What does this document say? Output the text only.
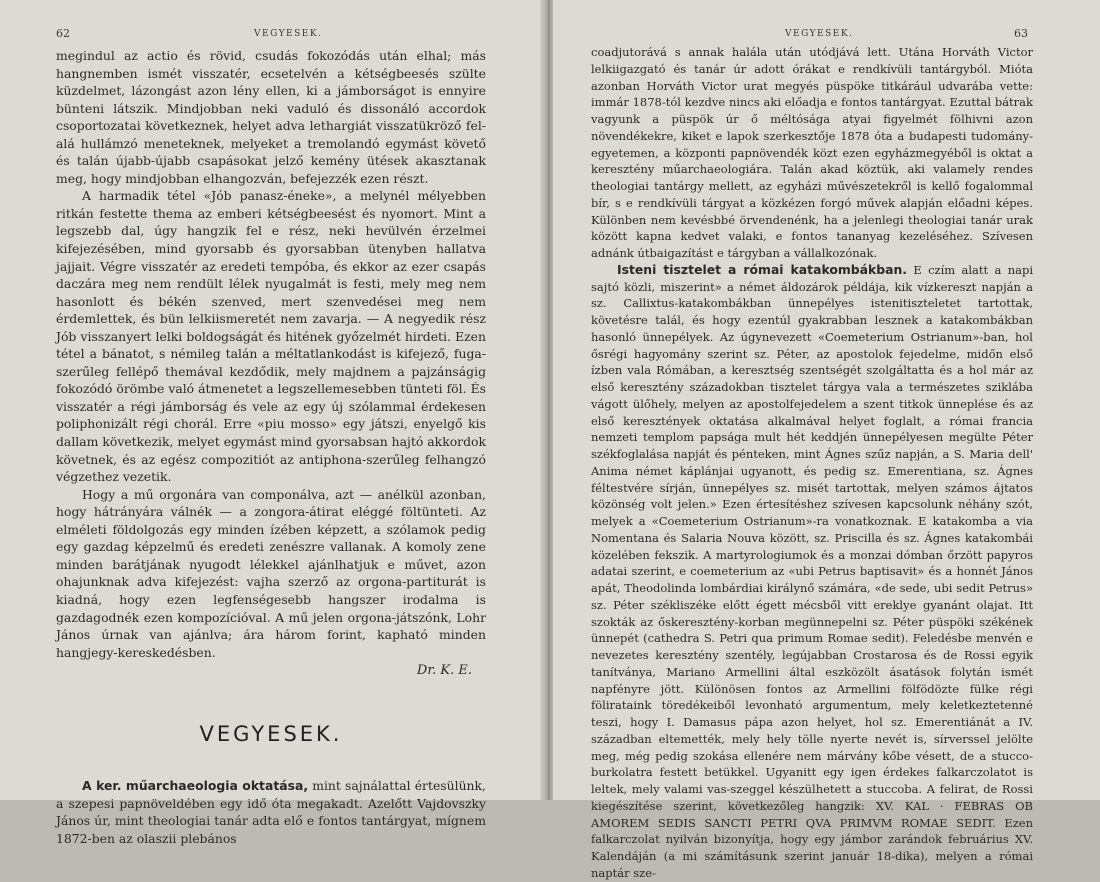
62	VEGYESEK.

megindul az actio és rövid, csudás fokozódás után elhal; más hangnemben ismét visszatér, ecsetelvén a kétségbeesés szülte küzdelmet, lázongást azon lény ellen, ki a jámborságot is ennyire bünteni látszik. Mindjobban neki vaduló és dissonáló accordok csoportozatai következnek, helyet adva lethargiát visszatükröző fel-alá hullámzó meneteknek, melyeket a tremolandó egymást követő és talán újabb-újabb csapásokat jelző kemény ütések akasztanak meg, hogy mindjobban elhangozván, befejezzék ezen részt.

A harmadik tétel «Jób panasz-éneke», a melynél mélyebben ritkán festette thema az emberi kétségbeesést és nyomort. Mint a legszebb dal, úgy hangzik fel e rész, neki hevülvén érzelmei kifejezésében, mind gyorsabb és gyorsabban ütenyben hallatva jajjait. Végre visszatér az eredeti tempóba, és ekkor az ezer csapás daczára meg nem rendült lélek nyugalmát is festi, mely meg nem hasonlott és békén szenved, mert szenvedései meg nem érdemlettek, és bün lelkiismeretét nem zavarja. — A negyedik rész Jób visszanyert lelki boldogságát és hitének győzelmét hirdeti. Ezen tétel a bánatot, s némileg talán a méltatlankodást is kifejező, fuga-szerűleg fellépő themával kezdődik, mely majdnem a pajzánságig fokozódó örömbe való átmenetet a legszellemesebben tünteti föl. És visszatér a régi jámborság és vele az egy új szólammal érdekesen poliphonizált régi chorál. Erre «piu mosso» egy játszi, enyelgő kis dallam következik, melyet egymást mind gyorsabsan hajtó akkordok követnek, és az egész compozitiót az antiphona-szerűleg felhangzó végzethez vezetik.

Hogy a mű orgonára van componálva, azt — anélkül azonban, hogy hátrányára válnék — a zongora-átirat eléggé föltünteti. Az elméleti földolgozás egy minden ízében képzett, a szólamok pedig egy gazdag képzelmű és eredeti zenészre vallanak. A komoly zene minden barátjának nyugodt lélekkel ajánlhatjuk e művet, azon ohajunknak adva kifejezést: vajha szerző az orgona-partiturát is kiadná, hogy ezen legfenségesebb hangszer irodalma is gazdagodnék ezen kompozícióval. A mű jelen orgona-játszónk, Lohr János úrnak van ajánlva; ára három forint, kapható minden hangjegy-kereskedésben.

Dr. K. E.
VEGYESEK.

A ker. műarchaeologia oktatása, mint sajnálattal értesülünk, a szepesi papnöveldében egy idő óta megakadt. Azelőtt Vajdovszky János úr, mint theologiai tanár adta elő e fontos tantárgyat, mígnem 1872-ben az olaszii plebános

VEGYESEK.	63

coadjutorává s annak halála után utódjává lett. Utána Horváth Victor lelkiigazgató és tanár úr adott órákat e rendkívüli tantárgyból. Mióta azonban Horváth Victor urat megyés püspöke titkárául udvarába vette: immár 1878-tól kezdve nincs aki előadja e fontos tantárgyat. Ezuttal bátrak vagyunk a püspök úr ő méltósága atyai figyelmét fölhivni azon növendékekre, kiket e lapok szerkesztője 1878 óta a budapesti tudomány-egyetemen, a központi papnövendék közt ezen egyházmegyéből is oktat a keresztény műarchaeologiára. Talán akad köztük, aki valamely rendes theologiai tantárgy mellett, az egyházi művészetekről is kellő fogalommal bír, s e rendkívüli tárgyat a közkézen forgó művek alapján előadni képes. Különben nem kevésbbé örvendenénk, ha a jelenlegi theologiai tanár urak között kapna kedvet valaki, e fontos tananyag kezeléséhez. Szívesen adnánk útbaigazítást e tárgyban a vállalkozónak.

Isteni tisztelet a római katakombákban. E czím alatt a napi sajtó közli, miszerint» a német áldozárok példája, kik vízkereszt napján a sz. Callixtus-katakombákban ünnepélyes istenitiszteletet tartottak, követésre talál, és hogy ezentúl gyakrabban lesznek a katakombákban hasonló ünnepélyek. Az úgynevezett «Coemeterium Ostrianum»-ban, hol ősrégi hagyomány szerint sz. Péter, az apostolok fejedelme, midőn első ízben vala Rómában, a keresztség szentségét szolgáltatta és a hol már az első keresztény századokban tisztelet tárgya vala a természetes sziklába vágott ülőhely, melyen az apostolfejedelem a szent titkok ünneplése és az első keresztények oktatása alkalmával helyet foglalt, a római francia nemzeti templom papsága mult hét keddjén ünnepélyesen megülte Péter székfoglalása napját és pénteken, mint Ágnes szűz napján, a S. Maria dell' Anima német káplánjai ugyanott, és pedig sz. Emerentiana, sz. Ágnes féltestvére sírján, ünnepélyes sz. misét tartottak, melyen számos ájtatos közönség volt jelen.» Ezen értesítéshez szívesen kapcsolunk néhány szót, melyek a «Coemeterium Ostrianum»-ra vonatkoznak. E katakomba a via Nomentana és Salaria Nouva között, sz. Priscilla és sz. Ágnes katakombái közelében fekszik. A martyrologiumok és a monzai dómban őrzött papyros adatai szerint, e coemeterium az «ubi Petrus baptisavit» és a honnét János apát, Theodolinda lombárdiai királynő számára, «de sede, ubi sedit Petrus» sz. Péter székliszéke előtt égett mécsből vitt ereklye gyanánt olajat. Itt szokták az őskeresztény-korban megünnepelni sz. Péter püspöki székének ünnepét (cathedra S. Petri qua primum Romae sedit). Feledésbe menvén e nevezetes keresztény szentély, legújabban Crostarosa és de Rossi egyik tanítványa, Mariano Armellini által eszközölt ásatások folytán ismét napfényre jött. Különösen fontos az Armellini fölfödözte fülke régi fölirataink töredékeiből levonható argumentum, mely keletkeztetenné teszi, hogy I. Damasus pápa azon helyet, hol sz. Emerentiánát a IV. században eltemették, mely hely tölle nyerte nevét is, sírverssel jelölte meg, még pedig szokása ellenére nem márvány kőbe vésett, de a stucco-burkolatra festett betükkel. Ugyanitt egy igen érdekes falkarczolatot is leltek, mely valami vas-szeggel készülhetett a stuccoba. A felirat, de Rossi kiegészítése szerint, következőleg hangzik: XV. KAL · FEBRAS OB AMOREM SEDIS SANCTI PETRI QVA PRIMVM ROMAE SEDIT. Ezen falkarczolat nyilván bizonyítja, hogy egy jámbor zarándok februárius XV. Kalendáján (a mi számításunk szerint január 18-dika), melyen a római naptár sze-
